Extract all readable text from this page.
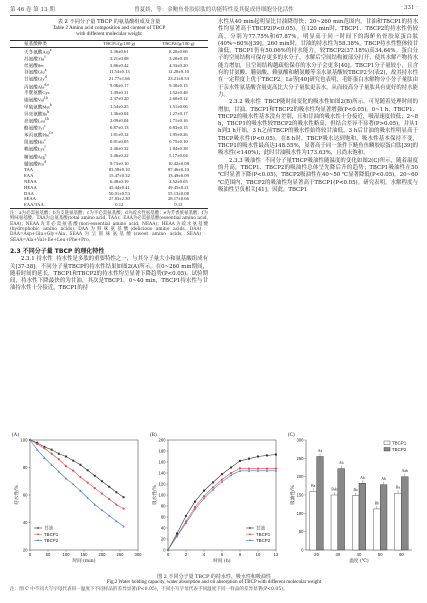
第 46 卷 第 13 期	曾夏娇，等：金鲍鱼骨胶原肽的功能特性及其促成骨细胞分化活性	· 331 ·
表 2 不同分子量 TBCP 的氨基酸组成及含量
Table 2 Amino acid composition and content of TBCP
with different molecular weight
氨基酸种类	TBCP1/(g/100 g)	TBCP2/(g/100 g)
天冬氨酸Asp$^a$	5.36±0.61	8.20±0.66
苏氨酸Thr$^f$	3.21±0.08	3.20±0.18
丝氨酸Ser	3.86±0.42	4.33±0.20
谷氨酸Glu$^a$	11.54±0.13	12.28±0.10
甘氨酸Gly$^d$	21.77±1.66	23.21±0.53
丙氨酸Ala$^{d,e}$	9.06±0.17	9.30±0.15
半胱氨酸Cys	1.49±0.31	1.52±0.48
缬氨酸Val$^{f,b}$	2.37±0.20	2.60±0.12
甲硫氨酸Met$^b$	1.54±0.25	1.51±0.06
异亮氨酸Ile$^b$	1.36±0.04	1.27±0.17
亮氨酸Leu$^{f,b}$	2.09±0.04	1.71±0.16
酪氨酸Tyr$^c$	0.87±0.13	0.83±0.15
苯丙氨酸Phe$^{f,e}$	1.81±0.12	1.95±0.26
组氨酸His$^c$	0.81±0.05	0.75±0.10
赖氨酸Lys$^f$	2.46±0.32	1.84±0.38
精氨酸Arg$^c$	5.46±0.22	5.17±0.04
脯氨酸Pro$^d$	9.73±0.10	10.42±0.08
TAA	83.58±0.10	87.46±0.10
EAA	15.47±0.32	13.49±0.09
NEAA	6.48±0.19	2.52±0.03
HEAA	45.44±0.41	49.45±0.21
DAA	50.01±0.53	55.13±0.08
SEAA	27.83±2.30	28.17±0.66
EAA/TAA	0.12	0.12
注：a为必需氨基酸；b为支链氨基酸；c为半必需氨基酸；d为疏水性氨基酸；e为芳香族氨基酸；f为鲜味氨基酸。TAA为总氨基酸(total amino acid, TAA)；EAA为必需氨基酸(essential amino acid, EAA)；NEAA为非必需氨基酸(non-essential amino acid, NEAA)；HEAA为疏水氨基酸(hydrophobic amino acids)；DAA为鲜味氨基酸(delicious amino acids, DAA)：DAA=Asp+Glu+Gly+Ala；SEAA为呈甜味氨基酸(sweet amino acids, SEAA)：SEAA=Ala+Val+Ile+Leu+Phe+Pro。
2.3 不同分子量 TBCP 的理化特性
2.3.1 持水性 持水性是多肽的重要特性之一，与其分子量大小和氨基酸组成有关[37-38]。不同分子量TBCP的持水性结果如图2(A)所示。在0~260 min期间，随着时间的延长，TBCP1和TBCP2的持水性均呈显著下降趋势(P<0.05)。试验期间，持水性下降最快的为甘油，其次是TBCP1。0~40 min，TBCP1持水性与甘油持水性十分接近，TBCP1的持
水性从40 min起明显比甘油降得快；20~260 min范围内，甘油和TBCP1的持水性均显著高于TBCP2(P<0.05)。在120 min时，TBCP1、TBCP2的持水性仍较高，分别为77.75%和67.87%，明显高于同一时间下的海鲈鱼骨胶原蛋白肽(40%~60%)[39]。260 min时，甘油的持水性为58.38%，TBCP持水性整体较甘油低，TBCP1仍有50.06%的持水能力，较TBCP2(37.18%)高34.64%。蛋白分子的空间结构可保存更多的水分子，水解后空间结构被部分打开，使其水解产物持水能力增加，且空间结构越疏松保存的水分子会更多[40]。TBCP1分子量较小，且含有的甘氨酸、脯氨酸、赖氨酸和精氨酸等亲水氨基酸较TBCP2少(表2)，故其持水性在一定程度上优于TBCP2。Le等[40]研究也表明，毛虾蛋白水解物分小分子量肽由于亲水性氨基酸含量更高比大分子量肽更亲水，从而较高分子量肽具有更好的持水能力。
2.3.2 吸水性 TBCP随时间变化的吸水性如图2(B)所示。可见随着处理时间的增加，甘油、TBCP1和TBCP2的吸水性均显著增强(P<0.05)。0~1 h，TBCP1、TBCP2的吸水性基本没有差别，且和甘油的吸水性十分接近，吸湿速度较低；2~8 h，TBCP1的吸水性较TBCP2的吸水性略高，但结合差异不显著(P>0.05)，并从1 h到3 h开始，3 h之前TBCP的吸水性始终较甘油低，3 h后甘油的吸水性明显高于TBCP吸水性(P<0.05)。在8 h时，TBCP吸水达到饱和，吸水性基本保持不变，TBCP1的吸水性最高达148.55%，显著高于同一条件下鲢鱼鱼鳞胶原蛋白肽[39]的吸水性(<140%)；此时甘油吸水性为173.63%，且尚未饱和。
2.3.3 吸油性 不同分子量TBCP吸油性随温度的变化如图2(C)所示，随着温度的升高，TBCP1、TBCP2的吸油性总体呈先降后升的趋势；TBCP1吸油性在50 ℃时显著下降(P<0.05)，TBCP2吸油性在40~50 ℃显著降低(P<0.05)。20~60 ℃范围内，TBCP2的吸油性均显著高于TBCP1(P<0.05)。研究表明，水解程度与吸油性呈负相关[41]。因此，TBCP1
0	50	100	150	200	250	300
20
40
60
80
100
时间 (min)
持水性/%
(A)
甘油
TBCP1
TBCP2
0	2	4	6	8	10	12
0
20
40
60
80
100
120
140
160
180
200
时间 (h)
吸水性/%
(B)
甘油
TBCP1
TBCP2
0
50
100
150
200
250
300
20
Ba
Aa
30
Bab
Ab
40
Ba
Ab
50
Bb
Ab
60
Ba
Aab
温度 (℃)
吸油性/%
(C)
TBCP1
TBCP2
图 2 不同分子量 TBCP 的持水性、吸水性和吸油性
Fig.2 Water holding capacity, water absorption and oil absorption of TBCP with different molecular weight
注：图 C 中不同大写字母代表同一温度下不同样品的差异显著(P<0.05)，不同小写字母代表不同温度下同一样品的差异显著(P<0.05)。
